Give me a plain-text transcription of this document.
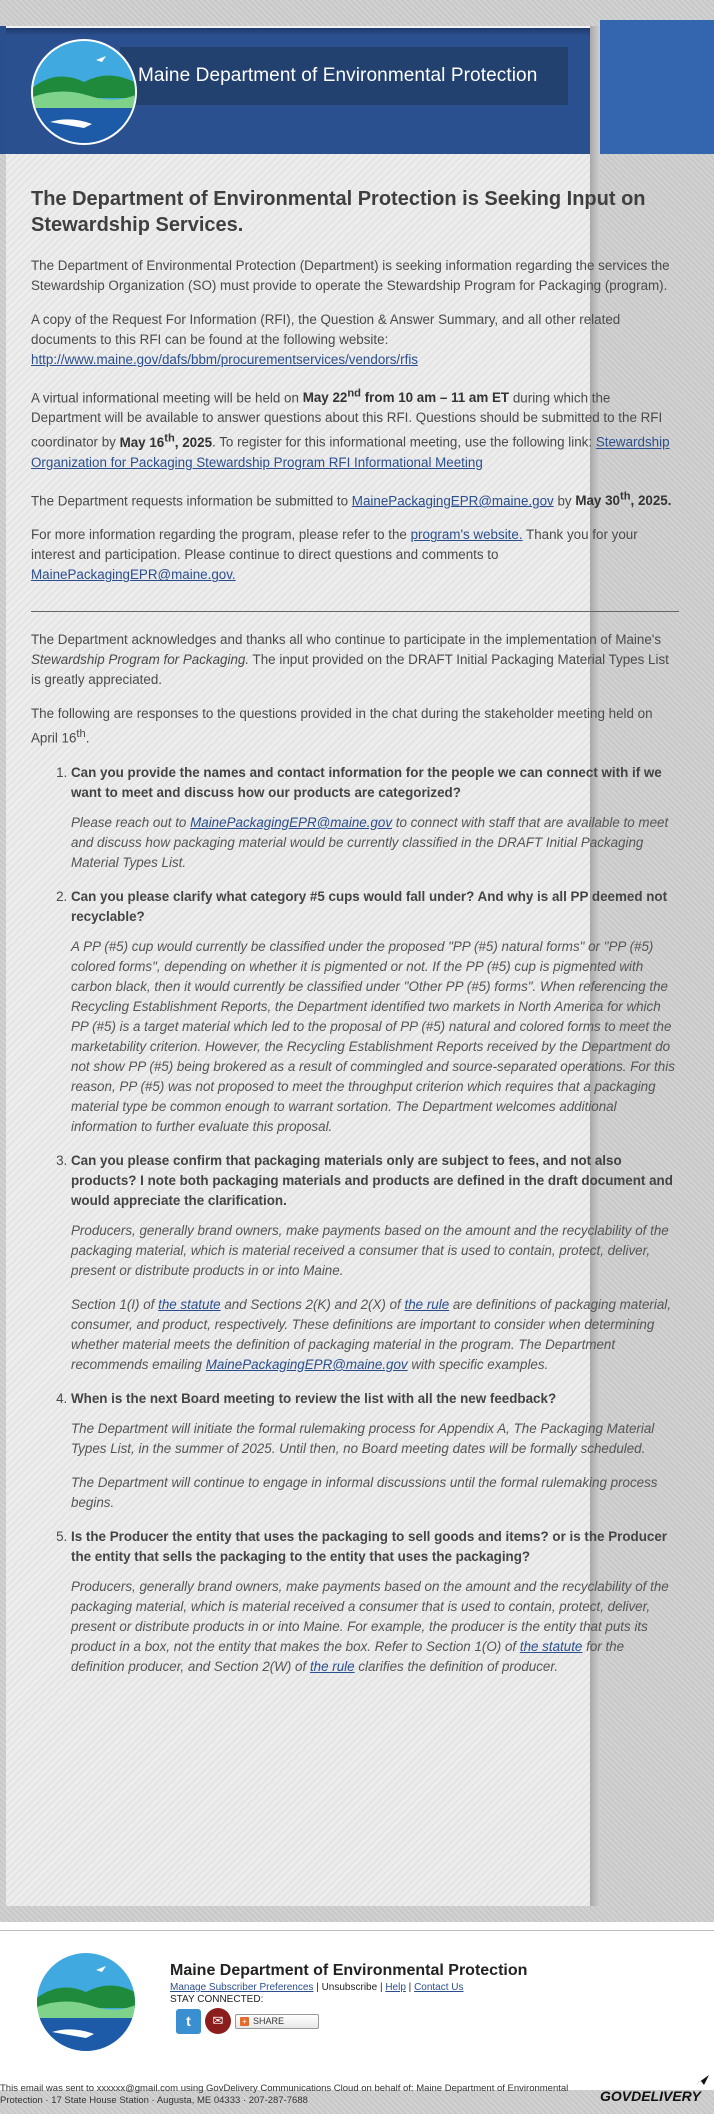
Maine Department of Environmental Protection
The Department of Environmental Protection is Seeking Input on Stewardship Services.

The Department of Environmental Protection (Department) is seeking information regarding the services the Stewardship Organization (SO) must provide to operate the Stewardship Program for Packaging (program).

A copy of the Request For Information (RFI), the Question & Answer Summary, and all other related documents to this RFI can be found at the following website:
http://www.maine.gov/dafs/bbm/procurementservices/vendors/rfis

A virtual informational meeting will be held on May 22nd from 10 am – 11 am ET during which the Department will be available to answer questions about this RFI. Questions should be submitted to the RFI coordinator by May 16th, 2025. To register for this informational meeting, use the following link: Stewardship Organization for Packaging Stewardship Program RFI Informational Meeting

The Department requests information be submitted to MainePackagingEPR@maine.gov by May 30th, 2025.

For more information regarding the program, please refer to the program's website. Thank you for your interest and participation. Please continue to direct questions and comments to MainePackagingEPR@maine.gov.

The Department acknowledges and thanks all who continue to participate in the implementation of Maine's Stewardship Program for Packaging. The input provided on the DRAFT Initial Packaging Material Types List is greatly appreciated.

The following are responses to the questions provided in the chat during the stakeholder meeting held on April 16th.

1. Can you provide the names and contact information for the people we can connect with if we want to meet and discuss how our products are categorized?

Please reach out to MainePackagingEPR@maine.gov to connect with staff that are available to meet and discuss how packaging material would be currently classified in the DRAFT Initial Packaging Material Types List.

2. Can you please clarify what category #5 cups would fall under? And why is all PP deemed not recyclable?

A PP (#5) cup would currently be classified under the proposed "PP (#5) natural forms" or "PP (#5) colored forms", depending on whether it is pigmented or not. If the PP (#5) cup is pigmented with carbon black, then it would currently be classified under "Other PP (#5) forms". When referencing the Recycling Establishment Reports, the Department identified two markets in North America for which PP (#5) is a target material which led to the proposal of PP (#5) natural and colored forms to meet the marketability criterion. However, the Recycling Establishment Reports received by the Department do not show PP (#5) being brokered as a result of commingled and source-separated operations. For this reason, PP (#5) was not proposed to meet the throughput criterion which requires that a packaging material type be common enough to warrant sortation. The Department welcomes additional information to further evaluate this proposal.

3. Can you please confirm that packaging materials only are subject to fees, and not also products? I note both packaging materials and products are defined in the draft document and would appreciate the clarification.

Producers, generally brand owners, make payments based on the amount and the recyclability of the packaging material, which is material received a consumer that is used to contain, protect, deliver, present or distribute products in or into Maine.

Section 1(I) of the statute and Sections 2(K) and 2(X) of the rule are definitions of packaging material, consumer, and product, respectively. These definitions are important to consider when determining whether material meets the definition of packaging material in the program. The Department recommends emailing MainePackagingEPR@maine.gov with specific examples.

4. When is the next Board meeting to review the list with all the new feedback?

The Department will initiate the formal rulemaking process for Appendix A, The Packaging Material Types List, in the summer of 2025. Until then, no Board meeting dates will be formally scheduled.

The Department will continue to engage in informal discussions until the formal rulemaking process begins.

5. Is the Producer the entity that uses the packaging to sell goods and items? or is the Producer the entity that sells the packaging to the entity that uses the packaging?

Producers, generally brand owners, make payments based on the amount and the recyclability of the packaging material, which is material received a consumer that is used to contain, protect, deliver, present or distribute products in or into Maine. For example, the producer is the entity that puts its product in a box, not the entity that makes the box. Refer to Section 1(O) of the statute for the definition producer, and Section 2(W) of the rule clarifies the definition of producer.

Maine Department of Environmental Protection
Manage Subscriber Preferences | Unsubscribe | Help | Contact Us
STAY CONNECTED:
t	✉	+ SHARE
This email was sent to xxxxxx@gmail.com using GovDelivery Communications Cloud on behalf of: Maine Department of Environmental Protection · 17 State House Station · Augusta, ME 04333 · 207-287-7688	GOVDELIVERY
